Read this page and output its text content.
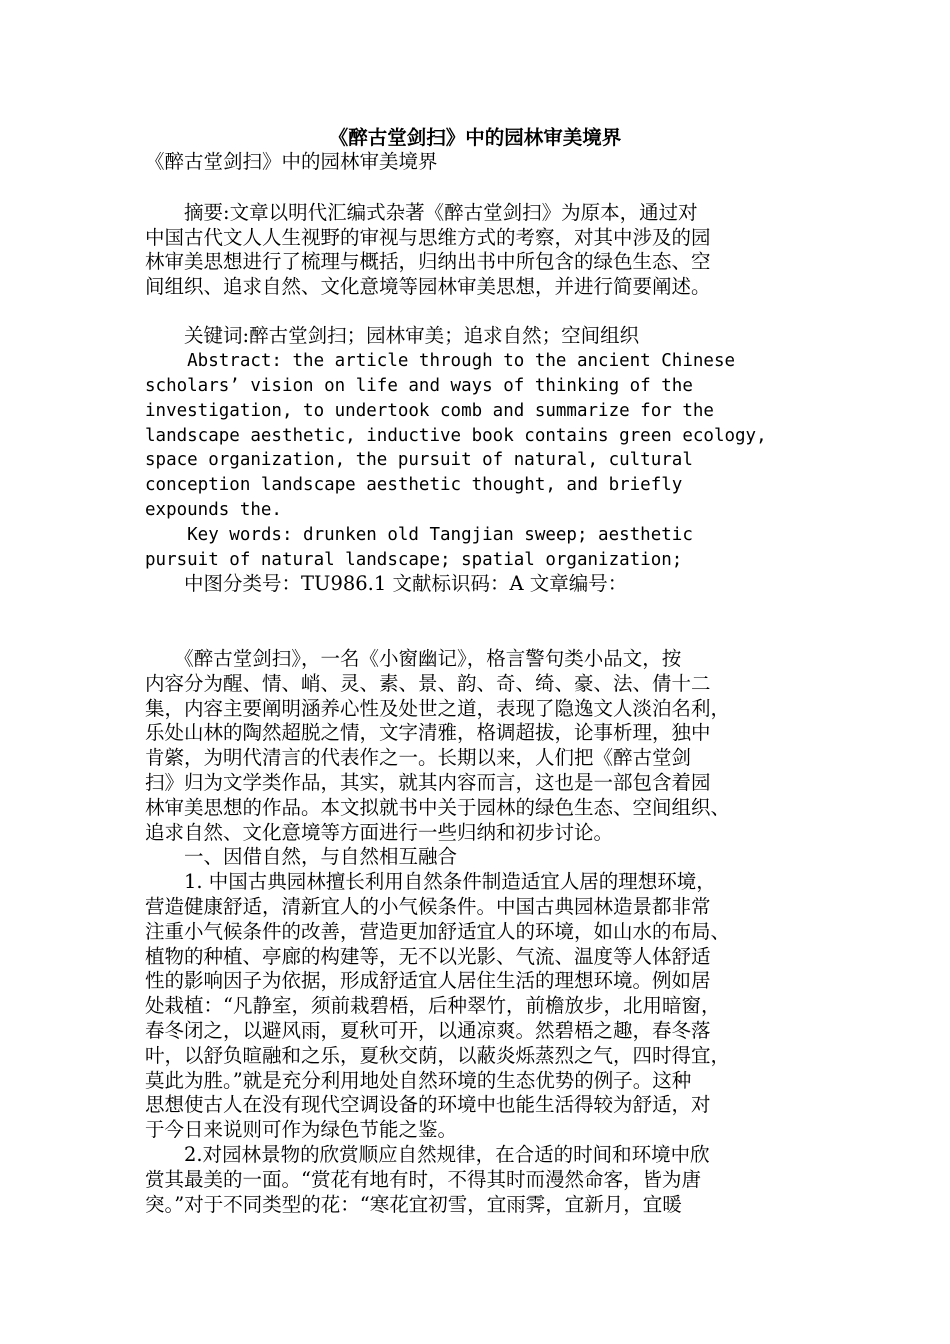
《醉古堂剑扫》中的园林审美境界
《醉古堂剑扫》中的园林审美境界

　　摘要:文章以明代汇编式杂著《醉古堂剑扫》为原本，通过对
中国古代文人人生视野的审视与思维方式的考察，对其中涉及的园
林审美思想进行了梳理与概括，归纳出书中所包含的绿色生态、空
间组织、追求自然、文化意境等园林审美思想，并进行简要阐述。

　　关键词:醉古堂剑扫；园林审美；追求自然；空间组织
Abstract: the article through to the ancient Chinese
scholars’ vision on life and ways of thinking of the
investigation, to undertook comb and summarize for the
landscape aesthetic, inductive book contains green ecology,
space organization, the pursuit of natural, cultural
conception landscape aesthetic thought, and briefly
expounds the.
Key words: drunken old Tangjian sweep; aesthetic
pursuit of natural landscape; spatial organization;
　　中图分类号：TU986.1 文献标识码：A 文章编号：
　　《醉古堂剑扫》，一名《小窗幽记》，格言警句类小品文，按
内容分为醒、情、峭、灵、素、景、韵、奇、绮、豪、法、倩十二
集，内容主要阐明涵养心性及处世之道，表现了隐逸文人淡泊名利，
乐处山林的陶然超脱之情，文字清雅，格调超拔，论事析理，独中
肯綮，为明代清言的代表作之一。长期以来，人们把《醉古堂剑
扫》归为文学类作品，其实，就其内容而言，这也是一部包含着园
林审美思想的作品。本文拟就书中关于园林的绿色生态、空间组织、
追求自然、文化意境等方面进行一些归纳和初步讨论。
　　一、因借自然，与自然相互融合
　　1. 中国古典园林擅长利用自然条件制造适宜人居的理想环境，
营造健康舒适，清新宜人的小气候条件。中国古典园林造景都非常
注重小气候条件的改善，营造更加舒适宜人的环境，如山水的布局、
植物的种植、亭廊的构建等，无不以光影、气流、温度等人体舒适
性的影响因子为依据，形成舒适宜人居住生活的理想环境。例如居
处栽植：“凡静室，须前栽碧梧，后种翠竹，前檐放步，北用暗窗，
春冬闭之，以避风雨，夏秋可开，以通凉爽。然碧梧之趣，春冬落
叶，以舒负暄融和之乐，夏秋交荫，以蔽炎烁蒸烈之气，四时得宜，
莫此为胜。”就是充分利用地处自然环境的生态优势的例子。这种
思想使古人在没有现代空调设备的环境中也能生活得较为舒适，对
于今日来说则可作为绿色节能之鉴。
　　2.对园林景物的欣赏顺应自然规律，在合适的时间和环境中欣
赏其最美的一面。“赏花有地有时，不得其时而漫然命客，皆为唐
突。”对于不同类型的花：“寒花宜初雪，宜雨霁，宜新月，宜暖
